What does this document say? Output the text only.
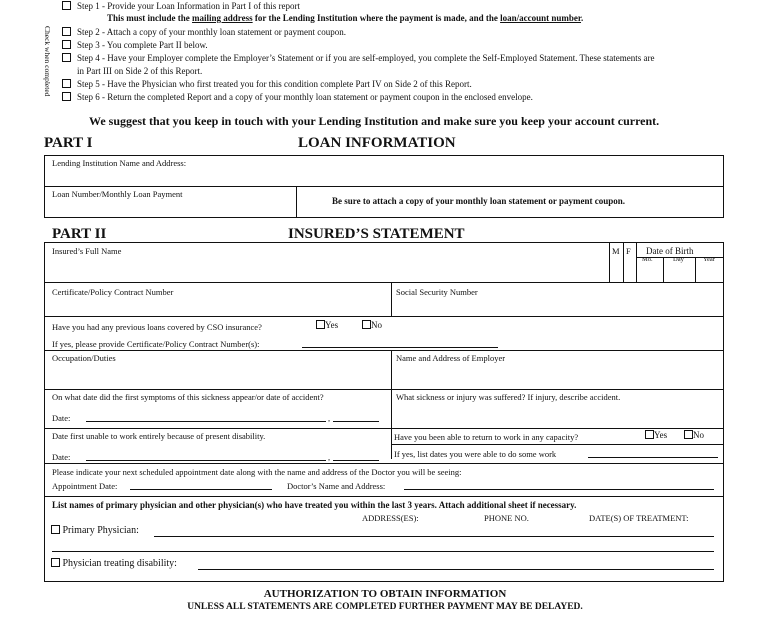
Check when completed
Step 1 - Provide your Loan Information in Part I of this report
This must include the mailing address for the Lending Institution where the payment is made, and the loan/account number.
Step 2 - Attach a copy of your monthly loan statement or payment coupon.
Step 3 - You complete Part II below.
Step 4 - Have your Employer complete the Employer’s Statement or if you are self-employed, you complete the Self-Employed Statement. These statements are
in Part III on Side 2 of this Report.
Step 5 - Have the Physician who first treated you for this condition complete Part IV on Side 2 of this Report.
Step 6 - Return the completed Report and a copy of your monthly loan statement or payment coupon in the enclosed envelope.
We suggest that you keep in touch with your Lending Institution and make sure you keep your account current.
PART I	LOAN INFORMATION
Lending Institution Name and Address:
Loan Number/Monthly Loan Payment
Be sure to attach a copy of your monthly loan statement or payment coupon.
PART II	INSURED’S STATEMENT
Insured’s Full Name	M F Date of Birth
Mo.	Day	Year
Certificate/Policy Contract Number	Social Security Number
Have you had any previous loans covered by CSO insurance?	Yes	No
If yes, please provide Certificate/Policy Contract Number(s):
Occupation/Duties	Name and Address of Employer
On what date did the first symptoms of this sickness appear/or date of accident?
Date:	,
What sickness or injury was suffered? If injury, describe accident.
Date first unable to work entirely because of present disability.
Date:	,
Have you been able to return to work in any capacity?	Yes	No
If yes, list dates you were able to do some work
Please indicate your next scheduled appointment date along with the name and address of the Doctor you will be seeing:
Appointment Date:	Doctor’s Name and Address:
List names of primary physician and other physician(s) who have treated you within the last 3 years. Attach additional sheet if necessary.
ADDRESS(ES):	PHONE NO.	DATE(S) OF TREATMENT:
Primary Physician:
Physician treating disability:
AUTHORIZATION TO OBTAIN INFORMATION
UNLESS ALL STATEMENTS ARE COMPLETED FURTHER PAYMENT MAY BE DELAYED.
